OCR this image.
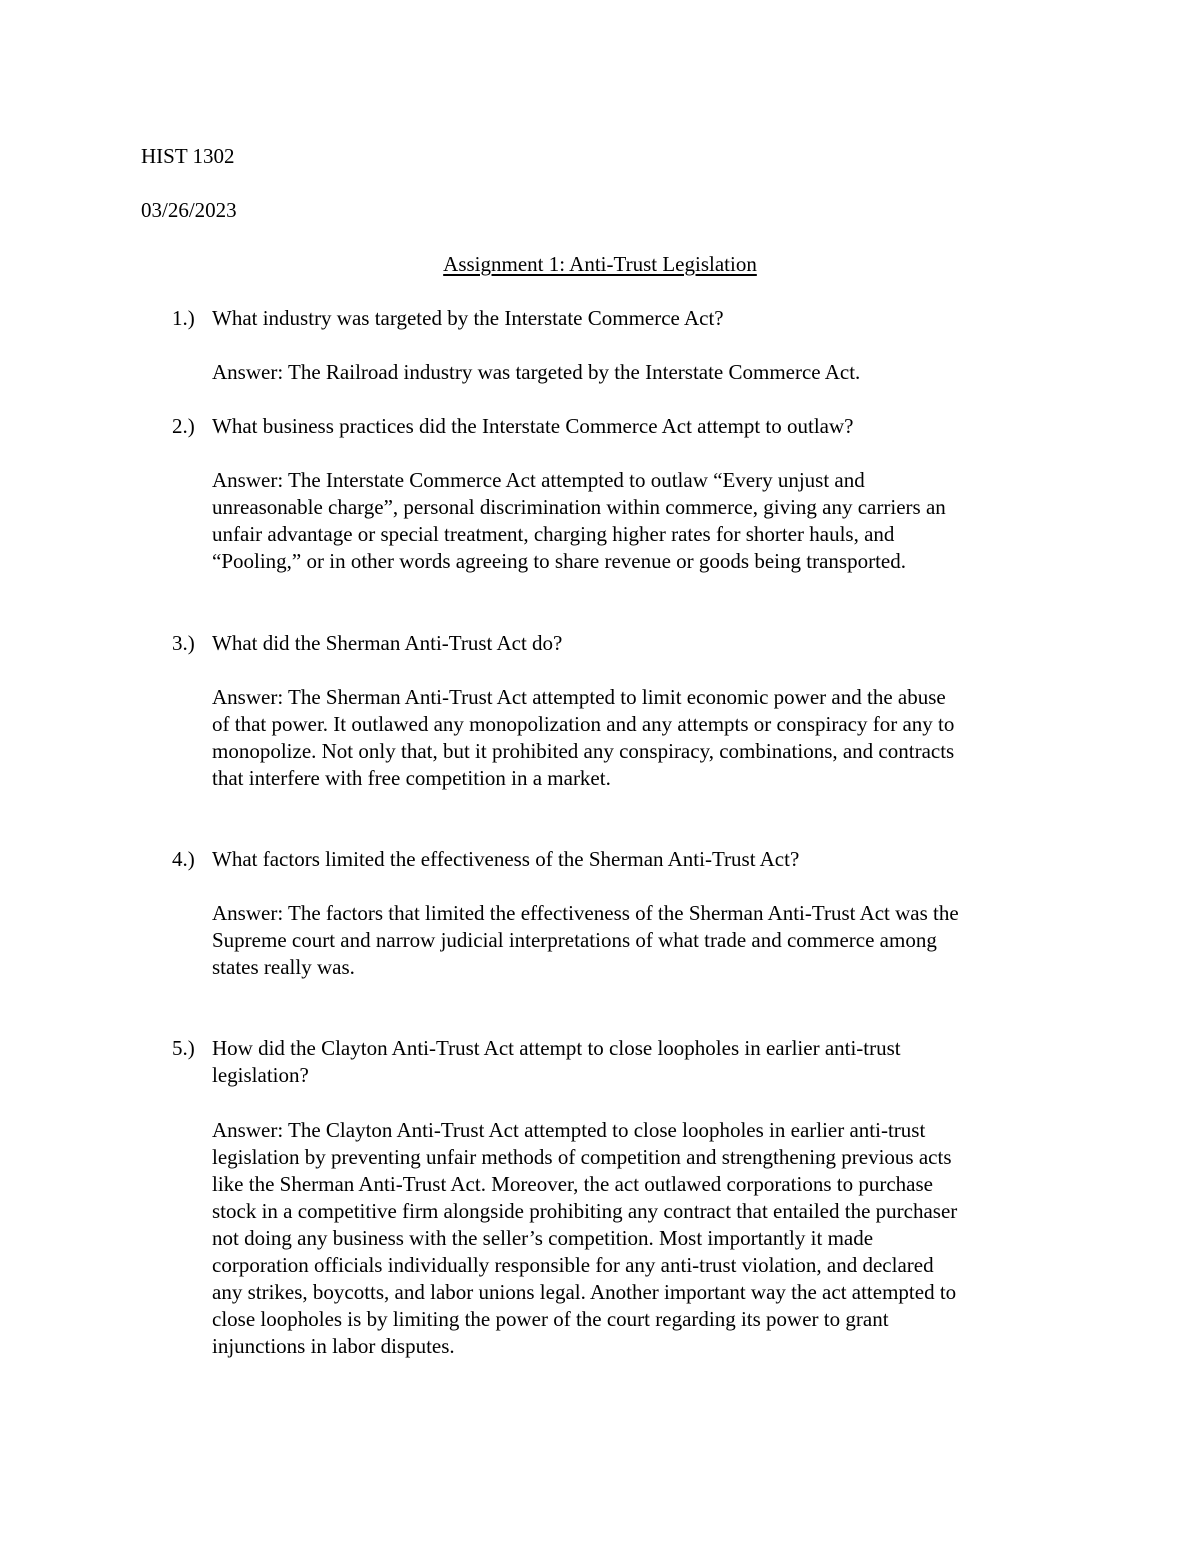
HIST 1302
03/26/2023
Assignment 1: Anti-Trust Legislation
1.) What industry was targeted by the Interstate Commerce Act?
Answer: The Railroad industry was targeted by the Interstate Commerce Act.
2.) What business practices did the Interstate Commerce Act attempt to outlaw?
Answer: The Interstate Commerce Act attempted to outlaw “Every unjust and
unreasonable charge”, personal discrimination within commerce, giving any carriers an
unfair advantage or special treatment, charging higher rates for shorter hauls, and
“Pooling,” or in other words agreeing to share revenue or goods being transported.
3.) What did the Sherman Anti-Trust Act do?
Answer: The Sherman Anti-Trust Act attempted to limit economic power and the abuse
of that power. It outlawed any monopolization and any attempts or conspiracy for any to
monopolize. Not only that, but it prohibited any conspiracy, combinations, and contracts
that interfere with free competition in a market.
4.) What factors limited the effectiveness of the Sherman Anti-Trust Act?
Answer: The factors that limited the effectiveness of the Sherman Anti-Trust Act was the
Supreme court and narrow judicial interpretations of what trade and commerce among
states really was.
5.) How did the Clayton Anti-Trust Act attempt to close loopholes in earlier anti-trust
legislation?
Answer: The Clayton Anti-Trust Act attempted to close loopholes in earlier anti-trust
legislation by preventing unfair methods of competition and strengthening previous acts
like the Sherman Anti-Trust Act. Moreover, the act outlawed corporations to purchase
stock in a competitive firm alongside prohibiting any contract that entailed the purchaser
not doing any business with the seller’s competition. Most importantly it made
corporation officials individually responsible for any anti-trust violation, and declared
any strikes, boycotts, and labor unions legal. Another important way the act attempted to
close loopholes is by limiting the power of the court regarding its power to grant
injunctions in labor disputes.
